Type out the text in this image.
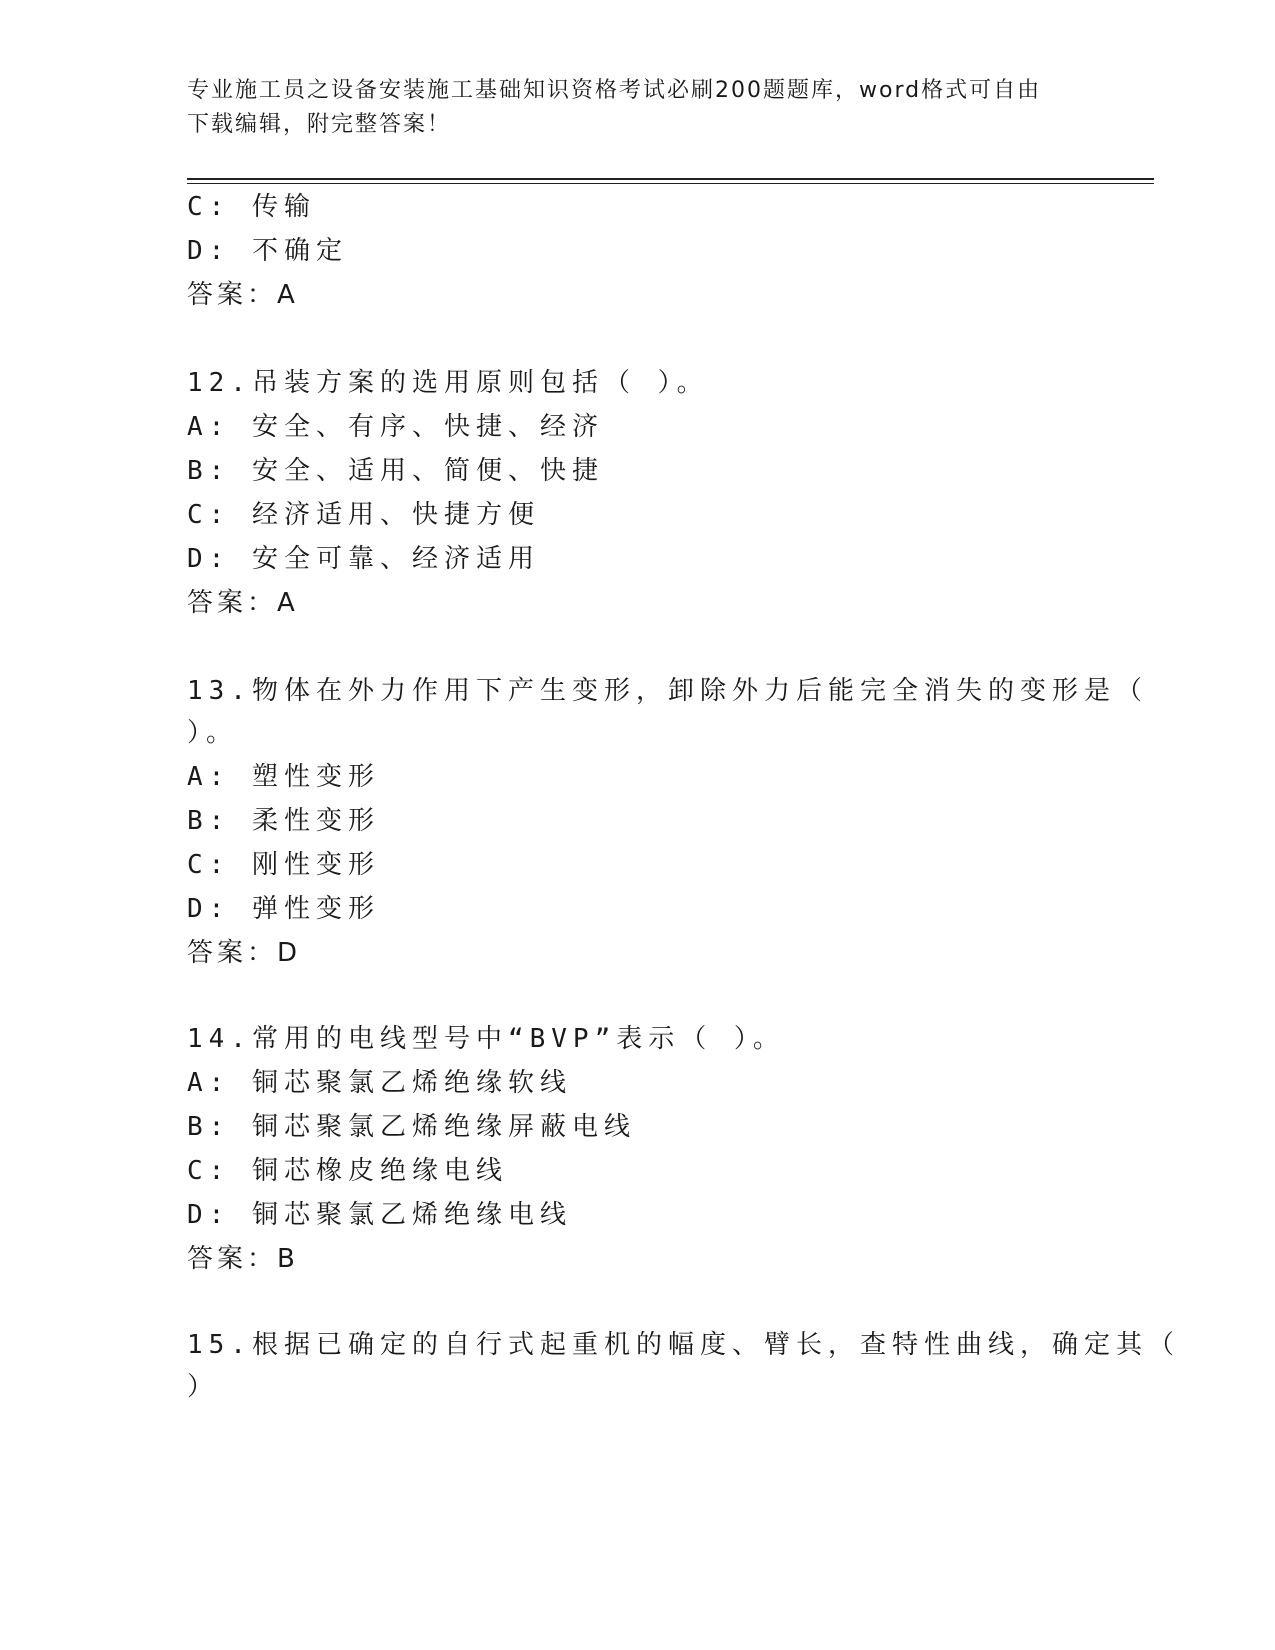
专业施工员之设备安装施工基础知识资格考试必刷200题题库，word格式可自由
下载编辑，附完整答案！
C: 传输
D: 不确定
答案：A
12.吊装方案的选用原则包括（ ）。
A: 安全、有序、快捷、经济
B: 安全、适用、简便、快捷
C: 经济适用、快捷方便
D: 安全可靠、经济适用
答案：A
13.物体在外力作用下产生变形，卸除外力后能完全消失的变形是（
）。
A: 塑性变形
B: 柔性变形
C: 刚性变形
D: 弹性变形
答案：D
14.常用的电线型号中“BVP”表示（ ）。
A: 铜芯聚氯乙烯绝缘软线
B: 铜芯聚氯乙烯绝缘屏蔽电线
C: 铜芯橡皮绝缘电线
D: 铜芯聚氯乙烯绝缘电线
答案：B
15.根据已确定的自行式起重机的幅度、臂长，查特性曲线，确定其（
）
